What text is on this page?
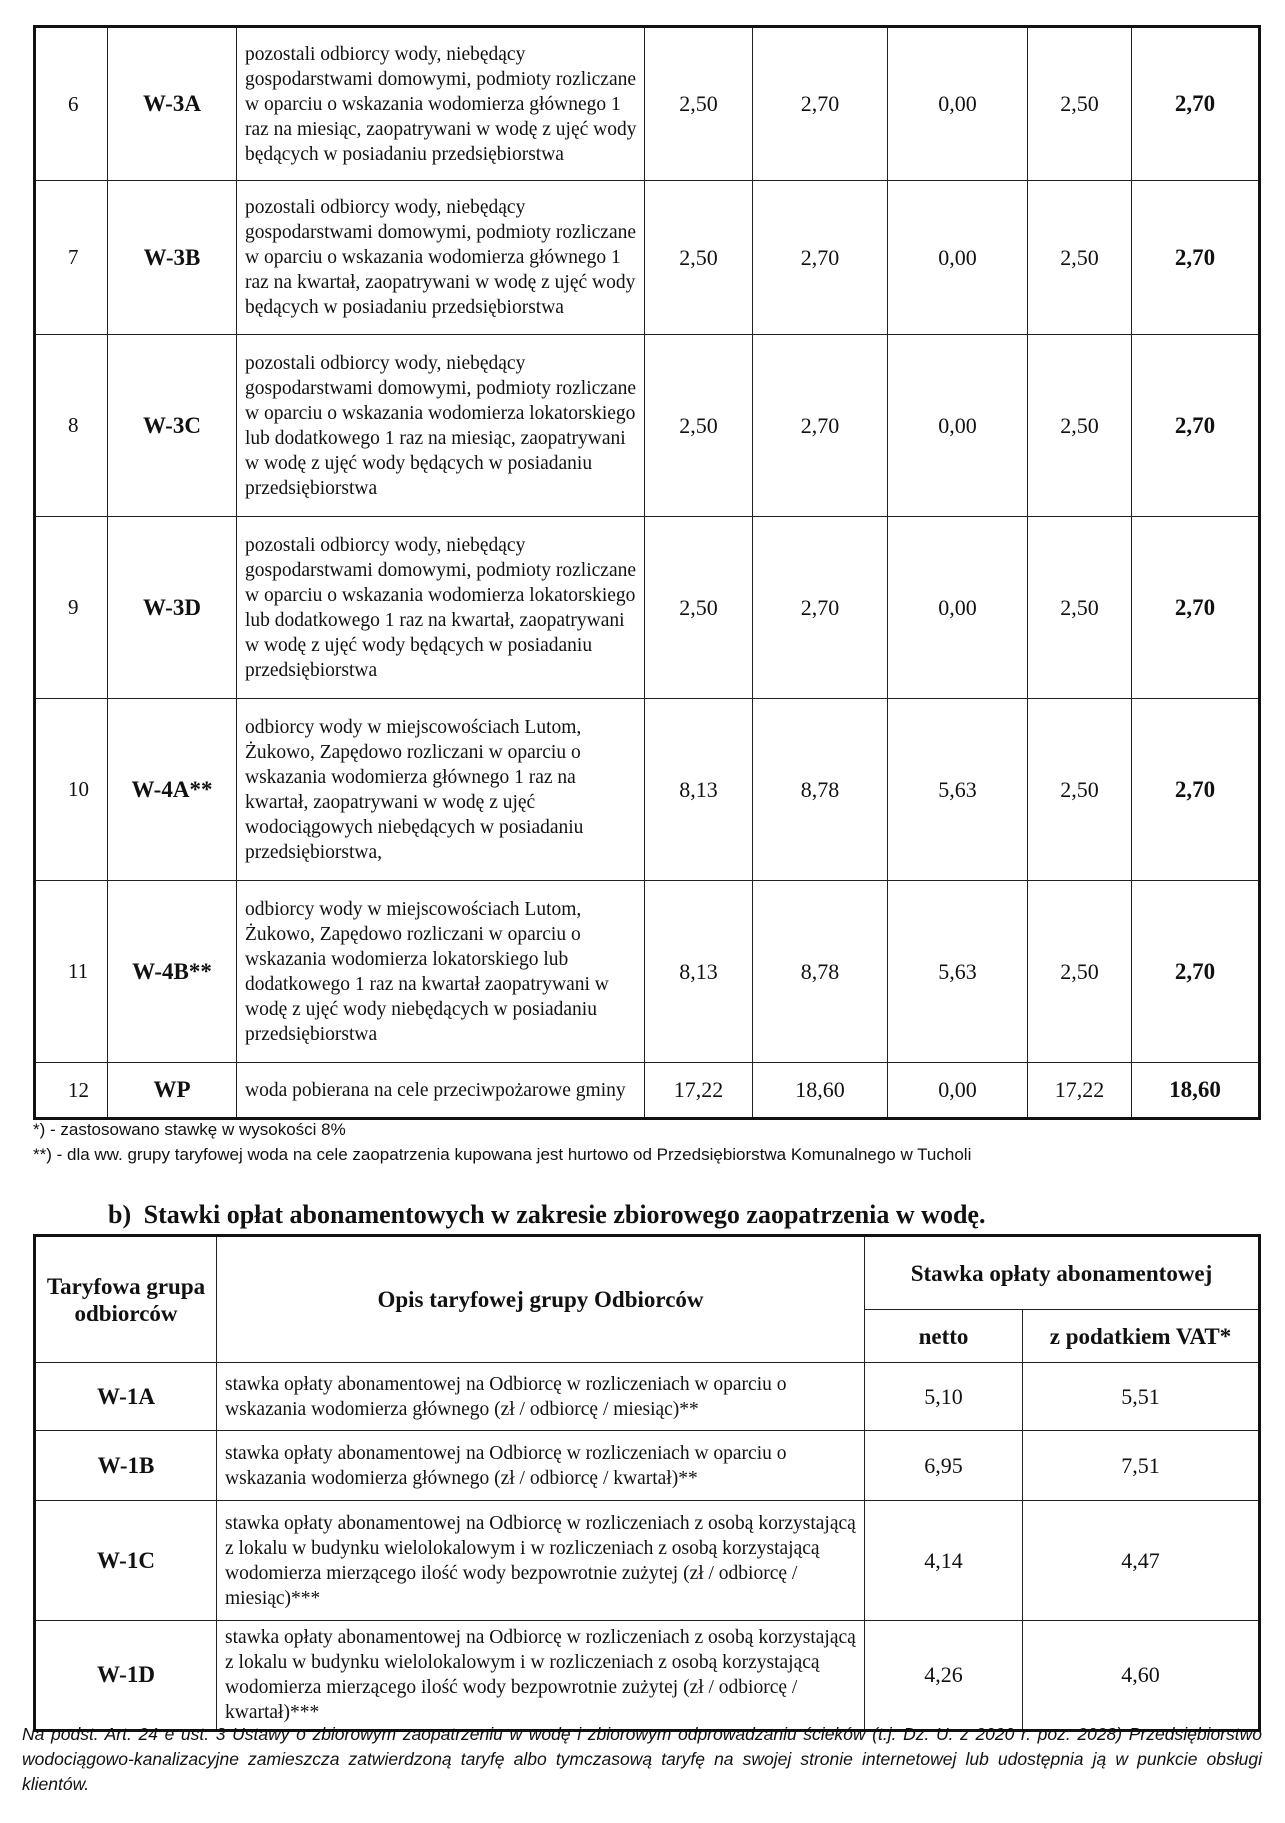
6	W-3A	pozostali odbiorcy wody, niebędący gospodarstwami domowymi, podmioty rozliczane w oparciu o wskazania wodomierza głównego 1 raz na miesiąc, zaopatrywani w wodę z ujęć wody będących w posiadaniu przedsiębiorstwa	2,50	2,70	0,00	2,50	2,70
7	W-3B	pozostali odbiorcy wody, niebędący gospodarstwami domowymi, podmioty rozliczane w oparciu o wskazania wodomierza głównego 1 raz na kwartał, zaopatrywani w wodę z ujęć wody będących w posiadaniu przedsiębiorstwa	2,50	2,70	0,00	2,50	2,70
8	W-3C	pozostali odbiorcy wody, niebędący gospodarstwami domowymi, podmioty rozliczane w oparciu o wskazania wodomierza lokatorskiego lub dodatkowego 1 raz na miesiąc, zaopatrywani w wodę z ujęć wody będących w posiadaniu przedsiębiorstwa	2,50	2,70	0,00	2,50	2,70
9	W-3D	pozostali odbiorcy wody, niebędący gospodarstwami domowymi, podmioty rozliczane w oparciu o wskazania wodomierza lokatorskiego lub dodatkowego 1 raz na kwartał, zaopatrywani w wodę z ujęć wody będących w posiadaniu przedsiębiorstwa	2,50	2,70	0,00	2,50	2,70
10	W-4A**	odbiorcy wody w miejscowościach Lutom, Żukowo, Zapędowo rozliczani w oparciu o wskazania wodomierza głównego 1 raz na kwartał, zaopatrywani w wodę z ujęć wodociągowych niebędących w posiadaniu przedsiębiorstwa,	8,13	8,78	5,63	2,50	2,70
11	W-4B**	odbiorcy wody w miejscowościach Lutom, Żukowo, Zapędowo rozliczani w oparciu o wskazania wodomierza lokatorskiego lub dodatkowego 1 raz na kwartał zaopatrywani w wodę z ujęć wody niebędących w posiadaniu przedsiębiorstwa	8,13	8,78	5,63	2,50	2,70
12	WP	woda pobierana na cele przeciwpożarowe gminy	17,22	18,60	0,00	17,22	18,60
*) - zastosowano stawkę w wysokości 8%
**) - dla ww. grupy taryfowej woda na cele zaopatrzenia kupowana jest hurtowo od Przedsiębiorstwa Komunalnego w Tucholi
b) Stawki opłat abonamentowych w zakresie zbiorowego zaopatrzenia w wodę.
Taryfowa grupa odbiorców	Opis taryfowej grupy Odbiorców	Stawka opłaty abonamentowej	
		netto	z podatkiem VAT*
W-1A	stawka opłaty abonamentowej na Odbiorcę w rozliczeniach w oparciu o wskazania wodomierza głównego (zł / odbiorcę / miesiąc)**	5,10	5,51
W-1B	stawka opłaty abonamentowej na Odbiorcę w rozliczeniach w oparciu o wskazania wodomierza głównego (zł / odbiorcę / kwartał)**	6,95	7,51
W-1C	stawka opłaty abonamentowej na Odbiorcę w rozliczeniach z osobą korzystającą z lokalu w budynku wielolokalowym i w rozliczeniach z osobą korzystającą wodomierza mierzącego ilość wody bezpowrotnie zużytej (zł / odbiorcę / miesiąc)***	4,14	4,47
W-1D	stawka opłaty abonamentowej na Odbiorcę w rozliczeniach z osobą korzystającą z lokalu w budynku wielolokalowym i w rozliczeniach z osobą korzystającą wodomierza mierzącego ilość wody bezpowrotnie zużytej (zł / odbiorcę / kwartał)***	4,26	4,60
Na podst. Art. 24 e ust. 3 Ustawy o zbiorowym zaopatrzeniu w wodę i zbiorowym odprowadzaniu ścieków (t.j. Dz. U. z 2020 r. poz. 2028) Przedsiębiorstwo wodociągowo-kanalizacyjne zamieszcza zatwierdzoną taryfę albo tymczasową taryfę na swojej stronie internetowej lub udostępnia ją w punkcie obsługi klientów.
